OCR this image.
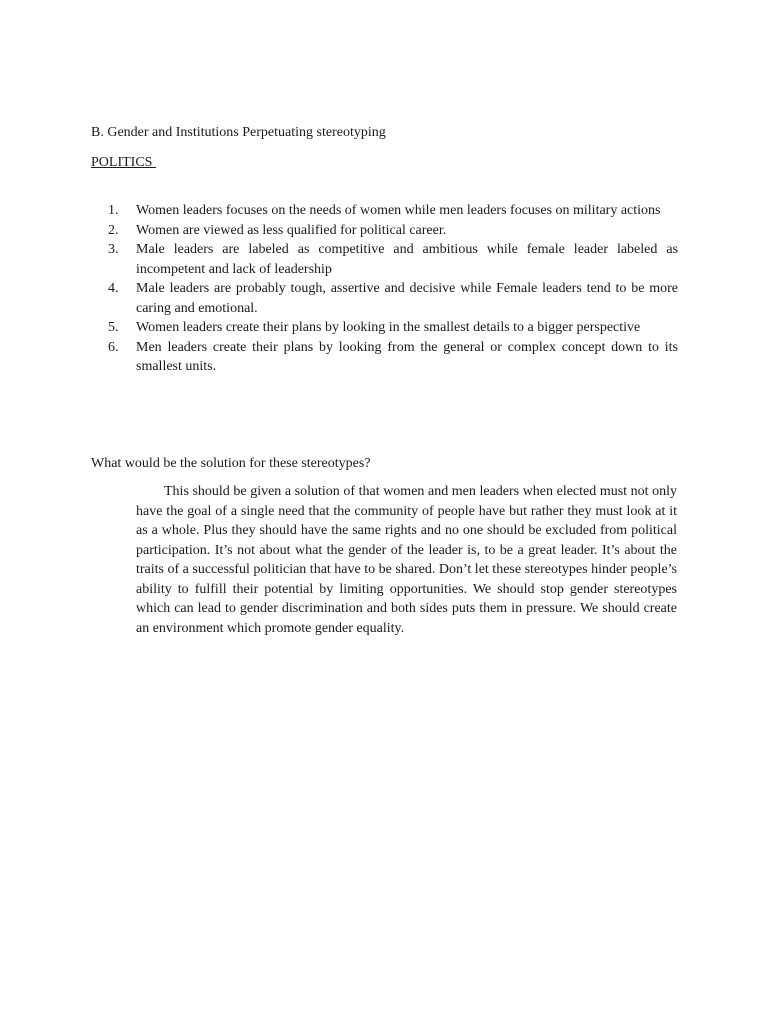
B. Gender and Institutions Perpetuating stereotyping
POLITICS
1.	Women leaders focuses on the needs of women while men leaders focuses on military actions
2.	Women are viewed as less qualified for political career.
3.	Male leaders are labeled as competitive and ambitious while female leader labeled as incompetent and lack of leadership
4.	Male leaders are probably tough, assertive and decisive while Female leaders tend to be more caring and emotional.
5.	Women leaders create their plans by looking in the smallest details to a bigger perspective
6.	Men leaders create their plans by looking from the general or complex concept down to its smallest units.
What would be the solution for these stereotypes?

This should be given a solution of that women and men leaders when elected must not only have the goal of a single need that the community of people have but rather they must look at it as a whole. Plus they should have the same rights and no one should be excluded from political participation. It’s not about what the gender of the leader is, to be a great leader. It’s about the traits of a successful politician that have to be shared. Don’t let these stereotypes hinder people’s ability to fulfill their potential by limiting opportunities. We should stop gender stereotypes which can lead to gender discrimination and both sides puts them in pressure. We should create an environment which promote gender equality.
